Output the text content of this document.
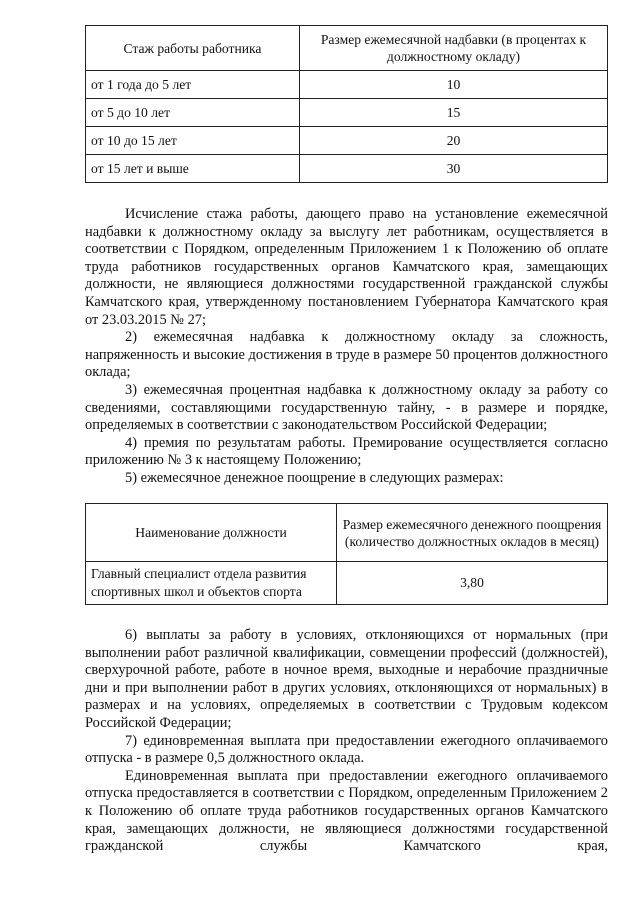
Стаж работы работника	Размер ежемесячной надбавки (в процентах к должностному окладу)
от 1 года до 5 лет	10
от 5 до 10 лет	15
от 10 до 15 лет	20
от 15 лет и выше	30

Исчисление стажа работы, дающего право на установление ежемесячной надбавки к должностному окладу за выслугу лет работникам, осуществляется в соответствии с Порядком, определенным Приложением 1 к Положению об оплате труда работников государственных органов Камчатского края, замещающих должности, не являющиеся должностями государственной гражданской службы Камчатского края, утвержденному постановлением Губернатора Камчатского края от 23.03.2015 № 27;

2) ежемесячная надбавка к должностному окладу за сложность, напряженность и высокие достижения в труде в размере 50 процентов должностного оклада;

3) ежемесячная процентная надбавка к должностному окладу за работу со сведениями, составляющими государственную тайну, - в размере и порядке, определяемых в соответствии с законодательством Российской Федерации;

4) премия по результатам работы. Премирование осуществляется согласно приложению № 3 к настоящему Положению;

5) ежемесячное денежное поощрение в следующих размерах:

Наименование должности	Размер ежемесячного денежного поощрения (количество должностных окладов в месяц)
Главный специалист отдела развития спортивных школ и объектов спорта	3,80

6) выплаты за работу в условиях, отклоняющихся от нормальных (при выполнении работ различной квалификации, совмещении профессий (должностей), сверхурочной работе, работе в ночное время, выходные и нерабочие праздничные дни и при выполнении работ в других условиях, отклоняющихся от нормальных) в размерах и на условиях, определяемых в соответствии с Трудовым кодексом Российской Федерации;

7) единовременная выплата при предоставлении ежегодного оплачиваемого отпуска - в размере 0,5 должностного оклада.

Единовременная выплата при предоставлении ежегодного оплачиваемого отпуска предоставляется в соответствии с Порядком, определенным Приложением 2 к Положению об оплате труда работников государственных органов Камчатского края, замещающих должности, не являющиеся должностями государственной гражданской службы Камчатского края,
